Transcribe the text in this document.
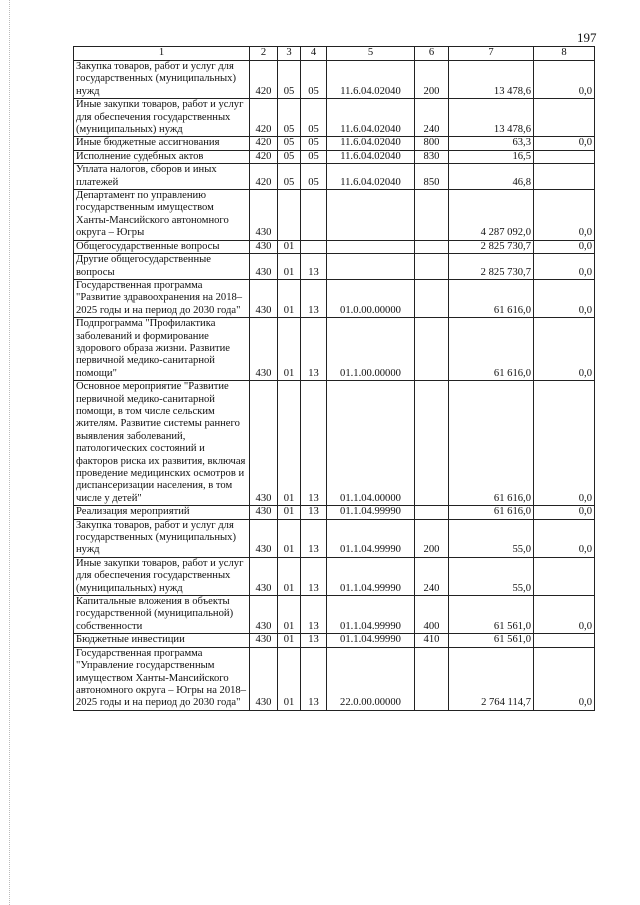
197
1	2	3	4	5	6	7	8
Закупка товаров, работ и услуг для государственных (муниципальных) нужд	420	05	05	11.6.04.02040	200	13 478,6	0,0
Иные закупки товаров, работ и услуг для обеспечения государственных (муниципальных) нужд	420	05	05	11.6.04.02040	240	13 478,6	
Иные бюджетные ассигнования	420	05	05	11.6.04.02040	800	63,3	0,0
Исполнение судебных актов	420	05	05	11.6.04.02040	830	16,5	
Уплата налогов, сборов и иных платежей	420	05	05	11.6.04.02040	850	46,8	
Департамент по управлению государственным имуществом Ханты-Мансийского автономного округа – Югры	430					4 287 092,0	0,0
Общегосударственные вопросы	430	01				2 825 730,7	0,0
Другие общегосударственные вопросы	430	01	13			2 825 730,7	0,0
Государственная программа "Развитие здравоохранения на 2018–2025 годы и на период до 2030 года"	430	01	13	01.0.00.00000		61 616,0	0,0
Подпрограмма "Профилактика заболеваний и формирование здорового образа жизни. Развитие первичной медико-санитарной помощи"	430	01	13	01.1.00.00000		61 616,0	0,0
Основное мероприятие "Развитие первичной медико-санитарной помощи, в том числе сельским жителям. Развитие системы раннего выявления заболеваний, патологических состояний и факторов риска их развития, включая проведение медицинских осмотров и диспансеризации населения, в том числе у детей"	430	01	13	01.1.04.00000		61 616,0	0,0
Реализация мероприятий	430	01	13	01.1.04.99990		61 616,0	0,0
Закупка товаров, работ и услуг для государственных (муниципальных) нужд	430	01	13	01.1.04.99990	200	55,0	0,0
Иные закупки товаров, работ и услуг для обеспечения государственных (муниципальных) нужд	430	01	13	01.1.04.99990	240	55,0	
Капитальные вложения в объекты государственной (муниципальной) собственности	430	01	13	01.1.04.99990	400	61 561,0	0,0
Бюджетные инвестиции	430	01	13	01.1.04.99990	410	61 561,0	
Государственная программа "Управление государственным имуществом Ханты-Мансийского автономного округа – Югры на 2018–2025 годы и на период до 2030 года"	430	01	13	22.0.00.00000		2 764 114,7	0,0
